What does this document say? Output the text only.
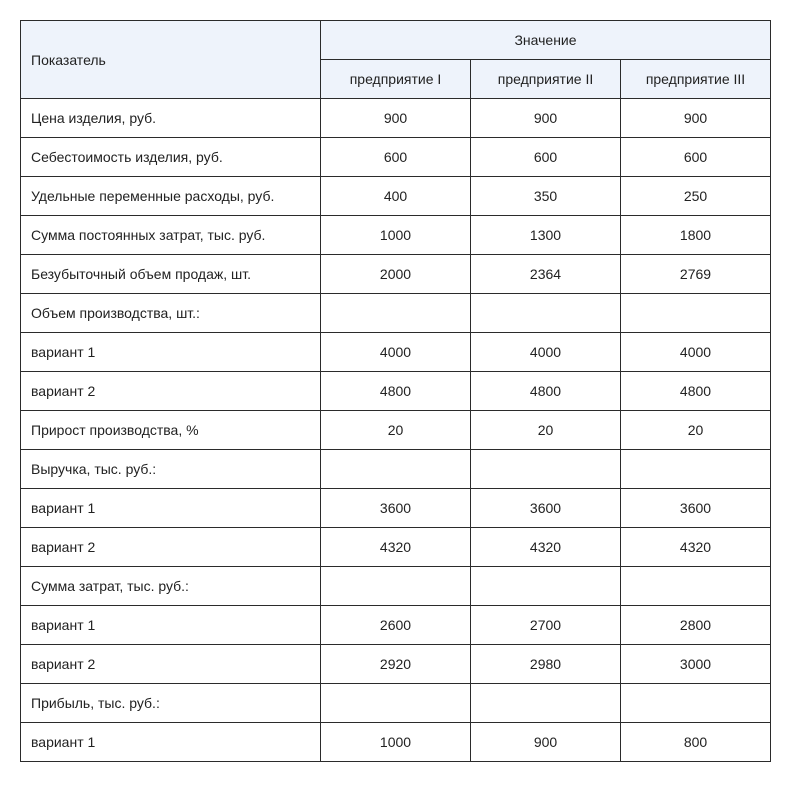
Показатель	Значение		
	предприятие I	предприятие II	предприятие III
Цена изделия, руб.	900	900	900
Себестоимость изделия, руб.	600	600	600
Удельные переменные расходы, руб.	400	350	250
Сумма постоянных затрат, тыс. руб.	1000	1300	1800
Безубыточный объем продаж, шт.	2000	2364	2769
Объем производства, шт.:			
вариант 1	4000	4000	4000
вариант 2	4800	4800	4800
Прирост производства, %	20	20	20
Выручка, тыс. руб.:			
вариант 1	3600	3600	3600
вариант 2	4320	4320	4320
Сумма затрат, тыс. руб.:			
вариант 1	2600	2700	2800
вариант 2	2920	2980	3000
Прибыль, тыс. руб.:			
вариант 1	1000	900	800
